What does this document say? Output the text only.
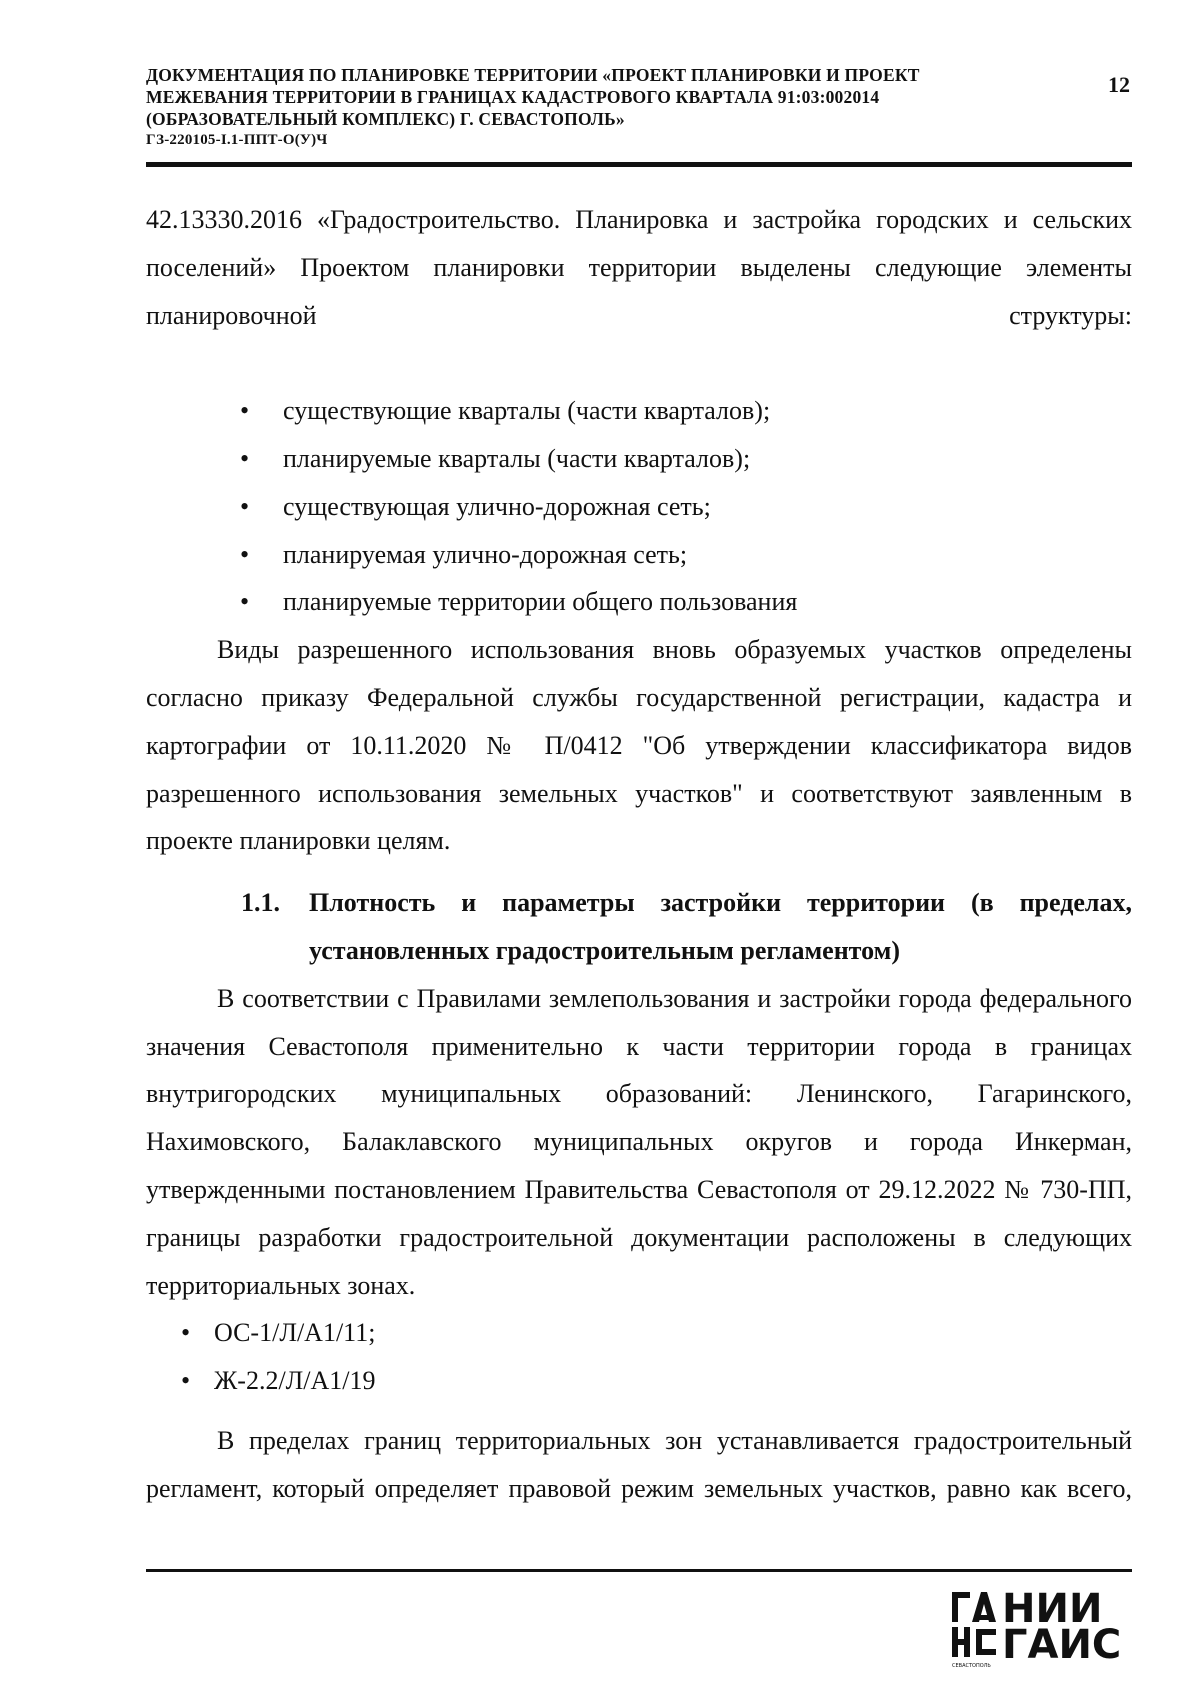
ДОКУМЕНТАЦИЯ ПО ПЛАНИРОВКЕ ТЕРРИТОРИИ «ПРОЕКТ ПЛАНИРОВКИ И ПРОЕКТ
МЕЖЕВАНИЯ ТЕРРИТОРИИ В ГРАНИЦАХ КАДАСТРОВОГО КВАРТАЛА 91:03:002014
(ОБРАЗОВАТЕЛЬНЫЙ КОМПЛЕКС) Г. СЕВАСТОПОЛЬ»
ГЗ-220105-I.1-ППТ-О(У)Ч
12

42.13330.2016 «Градостроительство. Планировка и застройка городских и сельских поселений» Проектом планировки территории выделены следующие элементы планировочной структуры:

• существующие кварталы (части кварталов);
• планируемые кварталы (части кварталов);
• существующая улично-дорожная сеть;
• планируемая улично-дорожная сеть;
• планируемые территории общего пользования

Виды разрешенного использования вновь образуемых участков определены согласно приказу Федеральной службы государственной регистрации, кадастра и картографии от 10.11.2020 № П/0412 "Об утверждении классификатора видов разрешенного использования земельных участков" и соответствуют заявленным в проекте планировки целям.

1.1.	Плотность и параметры застройки территории (в пределах, установленных градостроительным регламентом)

В соответствии с Правилами землепользования и застройки города федерального значения Севастополя применительно к части территории города в границах внутригородских муниципальных образований: Ленинского, Гагаринского, Нахимовского, Балаклавского муниципальных округов и города Инкерман, утвержденными постановлением Правительства Севастополя от 29.12.2022 № 730-ПП, границы разработки градостроительной документации расположены в следующих территориальных зонах.

• ОС-1/Л/А1/11;
• Ж-2.2/Л/А1/19

В пределах границ территориальных зон устанавливается градостроительный регламент, который определяет правовой режим земельных участков, равно как всего,

НИИ
ГАИС
СЕВАСТОПОЛЬ
